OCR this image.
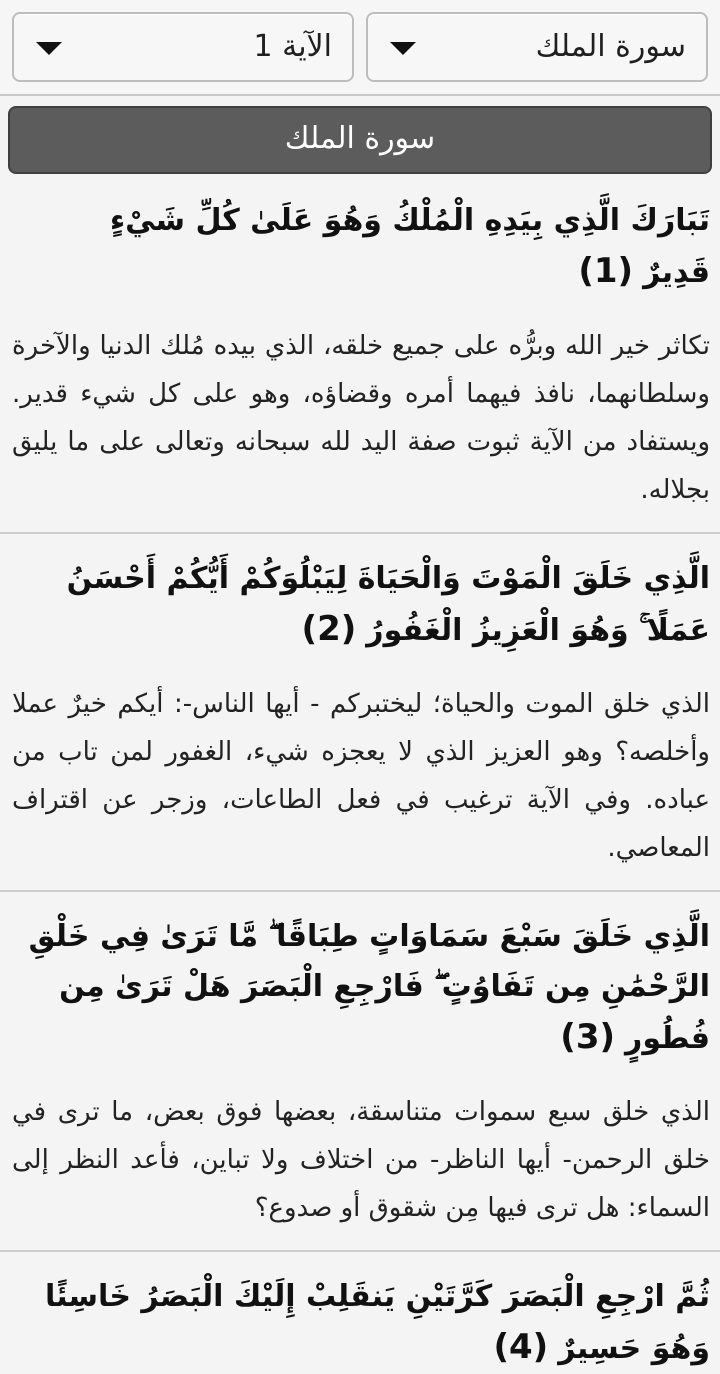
سورة الملك
الآية 1
سورة الملك
تَبَارَكَ الَّذِي بِيَدِهِ الْمُلْكُ وَهُوَ عَلَىٰ كُلِّ شَيْءٍ قَدِيرٌ(1)
تكاثر خير الله وبرُّه على جميع خلقه، الذي بيده مُلك الدنيا والآخرة وسلطانهما، نافذ فيهما أمره وقضاؤه، وهو على كل شيء قدير. ويستفاد من الآية ثبوت صفة اليد لله سبحانه وتعالى على ما يليق بجلاله.
الَّذِي خَلَقَ الْمَوْتَ وَالْحَيَاةَ لِيَبْلُوَكُمْ أَيُّكُمْ أَحْسَنُ عَمَلًا ۚ وَهُوَ الْعَزِيزُ الْغَفُورُ(2)
الذي خلق الموت والحياة؛ ليختبركم - أيها الناس-: أيكم خيرٌ عملا وأخلصه؟ وهو العزيز الذي لا يعجزه شيء، الغفور لمن تاب من عباده. وفي الآية ترغيب في فعل الطاعات، وزجر عن اقتراف المعاصي.
الَّذِي خَلَقَ سَبْعَ سَمَاوَاتٍ طِبَاقًا ۖ مَّا تَرَىٰ فِي خَلْقِ الرَّحْمَٰنِ مِن تَفَاوُتٍ ۖ فَارْجِعِ الْبَصَرَ هَلْ تَرَىٰ مِن فُطُورٍ(3)
الذي خلق سبع سموات متناسقة، بعضها فوق بعض، ما ترى في خلق الرحمن- أيها الناظر- من اختلاف ولا تباين، فأعد النظر إلى السماء: هل ترى فيها مِن شقوق أو صدوع؟
ثُمَّ ارْجِعِ الْبَصَرَ كَرَّتَيْنِ يَنقَلِبْ إِلَيْكَ الْبَصَرُ خَاسِئًا وَهُوَ حَسِيرٌ(4)
